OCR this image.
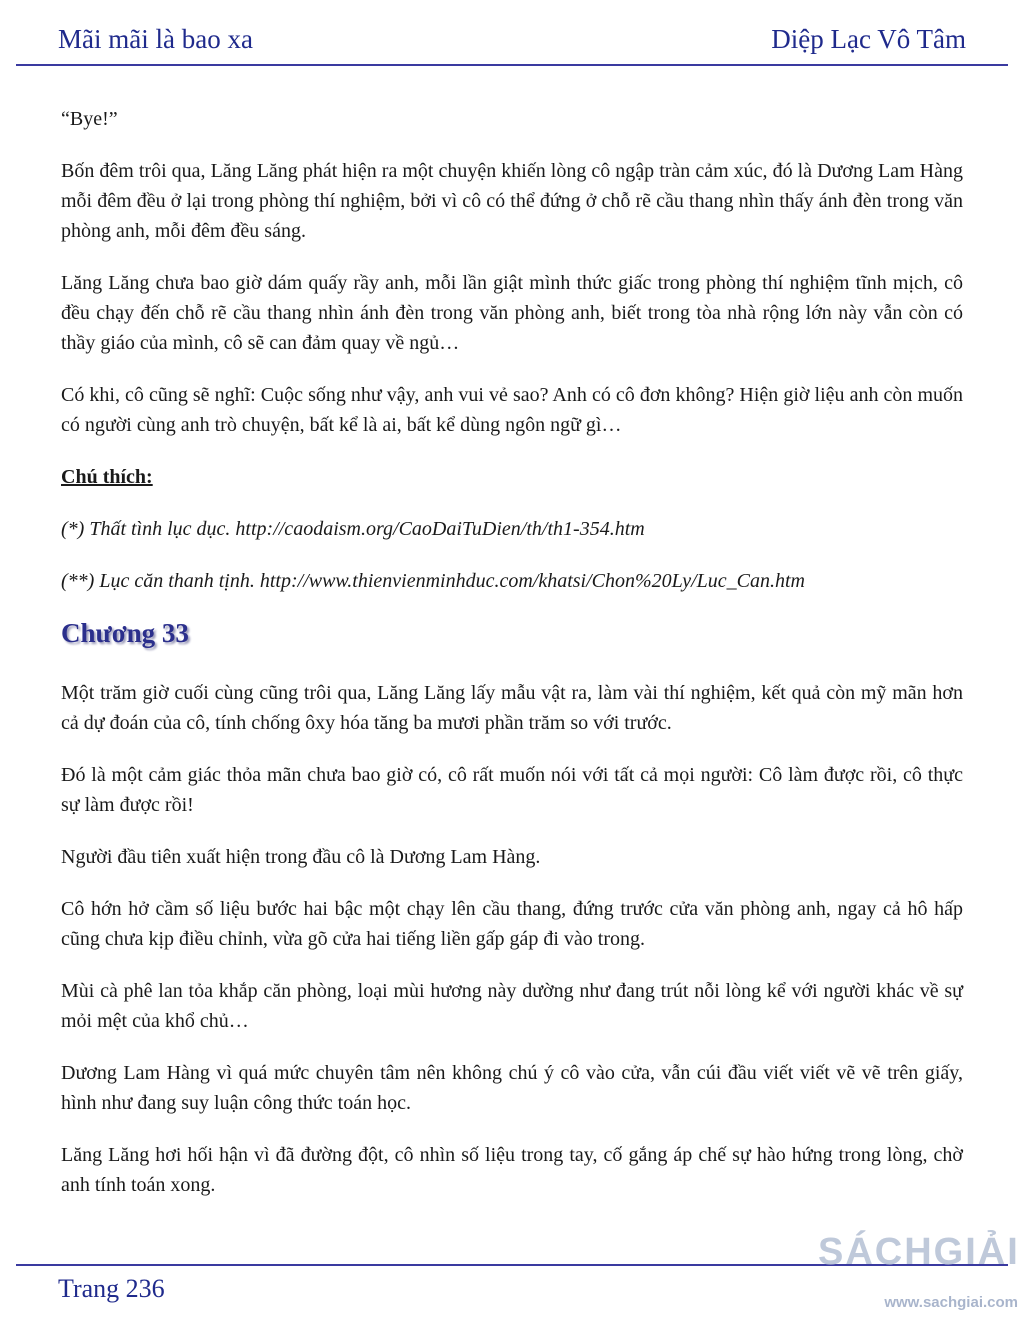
Mãi mãi là bao xa	Diệp Lạc Vô Tâm

“Bye!”

Bốn đêm trôi qua, Lăng Lăng phát hiện ra một chuyện khiến lòng cô ngập tràn cảm xúc, đó là Dương Lam Hàng mỗi đêm đều ở lại trong phòng thí nghiệm, bởi vì cô có thể đứng ở chỗ rẽ cầu thang nhìn thấy ánh đèn trong văn phòng anh, mỗi đêm đều sáng.

Lăng Lăng chưa bao giờ dám quấy rầy anh, mỗi lần giật mình thức giấc trong phòng thí nghiệm tĩnh mịch, cô đều chạy đến chỗ rẽ cầu thang nhìn ánh đèn trong văn phòng anh, biết trong tòa nhà rộng lớn này vẫn còn có thầy giáo của mình, cô sẽ can đảm quay về ngủ…

Có khi, cô cũng sẽ nghĩ: Cuộc sống như vậy, anh vui vẻ sao? Anh có cô đơn không? Hiện giờ liệu anh còn muốn có người cùng anh trò chuyện, bất kể là ai, bất kể dùng ngôn ngữ gì…

Chú thích:

(*) Thất tình lục dục. http://caodaism.org/CaoDaiTuDien/th/th1-354.htm

(**) Lục căn thanh tịnh. http://www.thienvienminhduc.com/khatsi/Chon%20Ly/Luc_Can.htm

Chương 33

Một trăm giờ cuối cùng cũng trôi qua, Lăng Lăng lấy mẫu vật ra, làm vài thí nghiệm, kết quả còn mỹ mãn hơn cả dự đoán của cô, tính chống ôxy hóa tăng ba mươi phần trăm so với trước.

Đó là một cảm giác thỏa mãn chưa bao giờ có, cô rất muốn nói với tất cả mọi người: Cô làm được rồi, cô thực sự làm được rồi!

Người đầu tiên xuất hiện trong đầu cô là Dương Lam Hàng.

Cô hớn hở cầm số liệu bước hai bậc một chạy lên cầu thang, đứng trước cửa văn phòng anh, ngay cả hô hấp cũng chưa kịp điều chỉnh, vừa gõ cửa hai tiếng liền gấp gáp đi vào trong.

Mùi cà phê lan tỏa khắp căn phòng, loại mùi hương này dường như đang trút nỗi lòng kể với người khác về sự mỏi mệt của khổ chủ…

Dương Lam Hàng vì quá mức chuyên tâm nên không chú ý cô vào cửa, vẫn cúi đầu viết viết vẽ vẽ trên giấy, hình như đang suy luận công thức toán học.

Lăng Lăng hơi hối hận vì đã đường đột, cô nhìn số liệu trong tay, cố gắng áp chế sự hào hứng trong lòng, chờ anh tính toán xong.

Trang 236
SÁCHGIẢI
www.sachgiai.com
